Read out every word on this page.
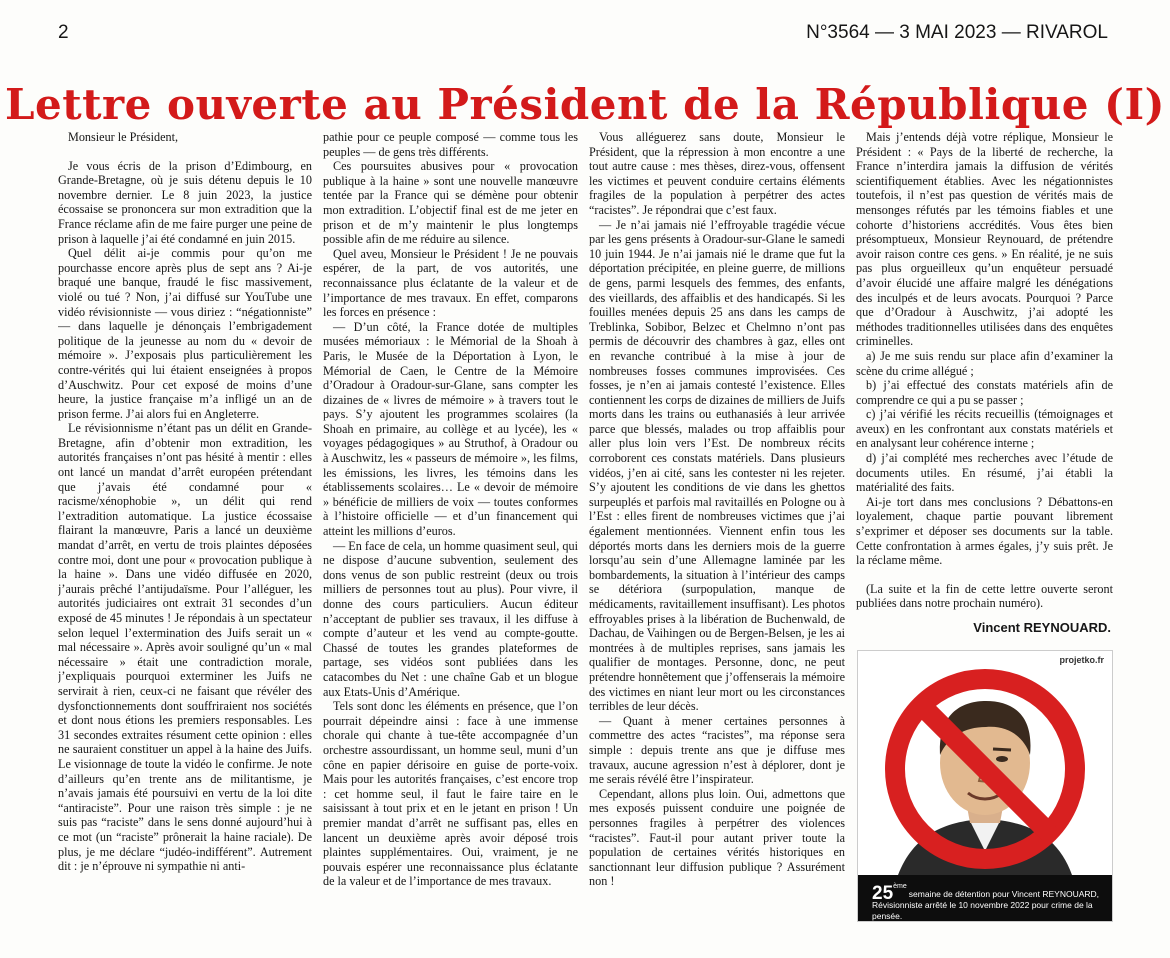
2	N°3564 — 3 MAI 2023 — RIVAROL
Lettre ouverte au Président de la République (I)

Monsieur le Président,

Je vous écris de la prison d’Edimbourg, en Grande-Bretagne, où je suis détenu depuis le 10 novembre dernier. Le 8 juin 2023, la justice écossaise se prononcera sur mon extradition que la France réclame afin de me faire purger une peine de prison à laquelle j’ai été condamné en juin 2015.

Quel délit ai-je commis pour qu’on me pourchasse encore après plus de sept ans ? Ai-je braqué une banque, fraudé le fisc massivement, violé ou tué ? Non, j’ai diffusé sur YouTube une vidéo révisionniste — vous diriez : “négationniste” — dans laquelle je dénonçais l’embrigadement politique de la jeunesse au nom du « devoir de mémoire ». J’exposais plus particulièrement les contre-vérités qui lui étaient enseignées à propos d’Auschwitz. Pour cet exposé de moins d’une heure, la justice française m’a infligé un an de prison ferme. J’ai alors fui en Angleterre.

Le révisionnisme n’étant pas un délit en Grande-Bretagne, afin d’obtenir mon extradition, les autorités françaises n’ont pas hésité à mentir : elles ont lancé un mandat d’arrêt européen prétendant que j’avais été condamné pour « racisme/xénophobie », un délit qui rend l’extradition automatique. La justice écossaise flairant la manœuvre, Paris a lancé un deuxième mandat d’arrêt, en vertu de trois plaintes déposées contre moi, dont une pour « provocation publique à la haine ». Dans une vidéo diffusée en 2020, j’aurais prêché l’antijudaïsme. Pour l’alléguer, les autorités judiciaires ont extrait 31 secondes d’un exposé de 45 minutes ! Je répondais à un spectateur selon lequel l’extermination des Juifs serait un « mal nécessaire ». Après avoir souligné qu’un « mal nécessaire » était une contradiction morale, j’expliquais pourquoi exterminer les Juifs ne servirait à rien, ceux-ci ne faisant que révéler des dysfonctionnements dont souffriraient nos sociétés et dont nous étions les premiers responsables. Les 31 secondes extraites résument cette opinion : elles ne sauraient constituer un appel à la haine des Juifs. Le visionnage de toute la vidéo le confirme. Je note d’ailleurs qu’en trente ans de militantisme, je n’avais jamais été poursuivi en vertu de la loi dite “antiraciste”. Pour une raison très simple : je ne suis pas “raciste” dans le sens donné aujourd’hui à ce mot (un “raciste” prônerait la haine raciale). De plus, je me déclare “judéo-indifférent”. Autrement dit : je n’éprouve ni sympathie ni anti-

pathie pour ce peuple composé — comme tous les peuples — de gens très différents.

Ces poursuites abusives pour « provocation publique à la haine » sont une nouvelle manœuvre tentée par la France qui se démène pour obtenir mon extradition. L’objectif final est de me jeter en prison et de m’y maintenir le plus longtemps possible afin de me réduire au silence.

Quel aveu, Monsieur le Président ! Je ne pouvais espérer, de la part, de vos autorités, une reconnaissance plus éclatante de la valeur et de l’importance de mes travaux. En effet, comparons les forces en présence :

— D’un côté, la France dotée de multiples musées mémoriaux : le Mémorial de la Shoah à Paris, le Musée de la Déportation à Lyon, le Mémorial de Caen, le Centre de la Mémoire d’Oradour à Oradour-sur-Glane, sans compter les dizaines de « livres de mémoire » à travers tout le pays. S’y ajoutent les programmes scolaires (la Shoah en primaire, au collège et au lycée), les « voyages pédagogiques » au Struthof, à Oradour ou à Auschwitz, les « passeurs de mémoire », les films, les émissions, les livres, les témoins dans les établissements scolaires… Le « devoir de mémoire » bénéficie de milliers de voix — toutes conformes à l’histoire officielle — et d’un financement qui atteint les millions d’euros.

— En face de cela, un homme quasiment seul, qui ne dispose d’aucune subvention, seulement des dons venus de son public restreint (deux ou trois milliers de personnes tout au plus). Pour vivre, il donne des cours particuliers. Aucun éditeur n’acceptant de publier ses travaux, il les diffuse à compte d’auteur et les vend au compte-goutte. Chassé de toutes les grandes plateformes de partage, ses vidéos sont publiées dans les catacombes du Net : une chaîne Gab et un blogue aux Etats-Unis d’Amérique.

Tels sont donc les éléments en présence, que l’on pourrait dépeindre ainsi : face à une immense chorale qui chante à tue-tête accompagnée d’un orchestre assourdissant, un homme seul, muni d’un cône en papier dérisoire en guise de porte-voix. Mais pour les autorités françaises, c’est encore trop : cet homme seul, il faut le faire taire en le saisissant à tout prix et en le jetant en prison ! Un premier mandat d’arrêt ne suffisant pas, elles en lancent un deuxième après avoir déposé trois plaintes supplémentaires. Oui, vraiment, je ne pouvais espérer une reconnaissance plus éclatante de la valeur et de l’importance de mes travaux.

Vous alléguerez sans doute, Monsieur le Président, que la répression à mon encontre a une tout autre cause : mes thèses, direz-vous, offensent les victimes et peuvent conduire certains éléments fragiles de la population à perpétrer des actes “racistes”. Je répondrai que c’est faux.

— Je n’ai jamais nié l’effroyable tragédie vécue par les gens présents à Oradour-sur-Glane le samedi 10 juin 1944. Je n’ai jamais nié le drame que fut la déportation précipitée, en pleine guerre, de millions de gens, parmi lesquels des femmes, des enfants, des vieillards, des affaiblis et des handicapés. Si les fouilles menées depuis 25 ans dans les camps de Treblinka, Sobibor, Belzec et Chelmno n’ont pas permis de découvrir des chambres à gaz, elles ont en revanche contribué à la mise à jour de nombreuses fosses communes improvisées. Ces fosses, je n’en ai jamais contesté l’existence. Elles contiennent les corps de dizaines de milliers de Juifs morts dans les trains ou euthanasiés à leur arrivée parce que blessés, malades ou trop affaiblis pour aller plus loin vers l’Est. De nombreux récits corroborent ces constats matériels. Dans plusieurs vidéos, j’en ai cité, sans les contester ni les rejeter. S’y ajoutent les conditions de vie dans les ghettos surpeuplés et parfois mal ravitaillés en Pologne ou à l’Est : elles firent de nombreuses victimes que j’ai également mentionnées. Viennent enfin tous les déportés morts dans les derniers mois de la guerre lorsqu’au sein d’une Allemagne laminée par les bombardements, la situation à l’intérieur des camps se détériora (surpopulation, manque de médicaments, ravitaillement insuffisant). Les photos effroyables prises à la libération de Buchenwald, de Dachau, de Vaihingen ou de Bergen-Belsen, je les ai montrées à de multiples reprises, sans jamais les qualifier de montages. Personne, donc, ne peut prétendre honnêtement que j’offenserais la mémoire des victimes en niant leur mort ou les circonstances terribles de leur décès.

— Quant à mener certaines personnes à commettre des actes “racistes”, ma réponse sera simple : depuis trente ans que je diffuse mes travaux, aucune agression n’est à déplorer, dont je me serais révélé être l’inspirateur.

Cependant, allons plus loin. Oui, admettons que mes exposés puissent conduire une poignée de personnes fragiles à perpétrer des violences “racistes”. Faut-il pour autant priver toute la population de certaines vérités historiques en sanctionnant leur diffusion publique ? Assurément non !

Mais j’entends déjà votre réplique, Monsieur le Président : « Pays de la liberté de recherche, la France n’interdira jamais la diffusion de vérités scientifiquement établies. Avec les négationnistes toutefois, il n’est pas question de vérités mais de mensonges réfutés par les témoins fiables et une cohorte d’historiens accrédités. Vous êtes bien présomptueux, Monsieur Reynouard, de prétendre avoir raison contre ces gens. » En réalité, je ne suis pas plus orgueilleux qu’un enquêteur persuadé d’avoir élucidé une affaire malgré les dénégations des inculpés et de leurs avocats. Pourquoi ? Parce que d’Oradour à Auschwitz, j’ai adopté les méthodes traditionnelles utilisées dans des enquêtes criminelles.

a) Je me suis rendu sur place afin d’examiner la scène du crime allégué ;

b) j’ai effectué des constats matériels afin de comprendre ce qui a pu se passer ;

c) j’ai vérifié les récits recueillis (témoignages et aveux) en les confrontant aux constats matériels et en analysant leur cohérence interne ;

d) j’ai complété mes recherches avec l’étude de documents utiles. En résumé, j’ai établi la matérialité des faits.

Ai-je tort dans mes conclusions ? Débattons-en loyalement, chaque partie pouvant librement s’exprimer et déposer ses documents sur la table. Cette confrontation à armes égales, j’y suis prêt. Je la réclame même.

(La suite et la fin de cette lettre ouverte seront publiées dans notre prochain numéro).

Vincent REYNOUARD.
projetko.fr
25èmesemaine de détention pour Vincent REYNOUARD,
Révisionniste arrêté le 10 novembre 2022 pour crime de la pensée.
